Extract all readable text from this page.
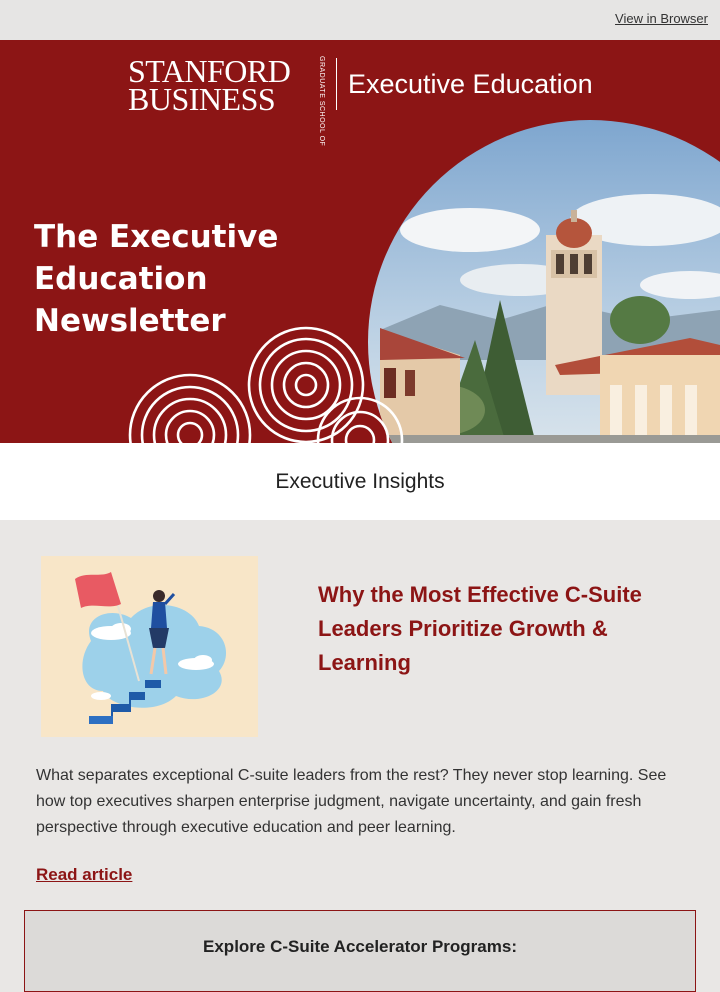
View in Browser
STANFORD
BUSINESS	GRADUATE SCHOOL OF Executive Education
The Executive
Education Newsletter
Executive Insights
Why the Most Effective C-Suite Leaders Prioritize Growth & Learning
What separates exceptional C-suite leaders from the rest? They never stop learning. See how top executives sharpen enterprise judgment, navigate uncertainty, and gain fresh perspective through executive education and peer learning.
Read article
Explore C-Suite Accelerator Programs:
